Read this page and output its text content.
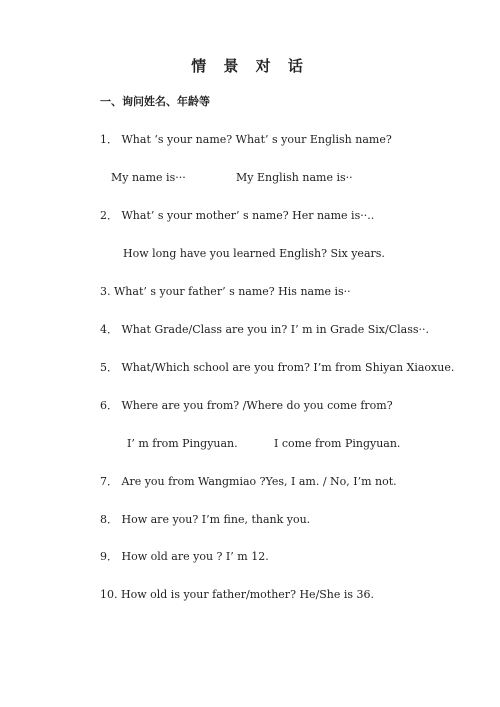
情 景 对 话
一、询问姓名、年龄等
1． What ‘s your name? What’ s your English name?
My name is···	My English name is··
2． What’ s your mother’ s name? Her name is··..
How long have you learned English? Six years.
3. What’ s your father’ s name? His name is··
4． What Grade/Class are you in? I’ m in Grade Six/Class··.
5． What/Which school are you from? I’m from Shiyan Xiaoxue.
6． Where are you from? /Where do you come from?
I’ m from Pingyuan.	I come from Pingyuan.
7． Are you from Wangmiao ?Yes, I am. / No, I’m not.
8． How are you? I’m fine, thank you.
9． How old are you ? I’ m 12.
10. How old is your father/mother? He/She is 36.
